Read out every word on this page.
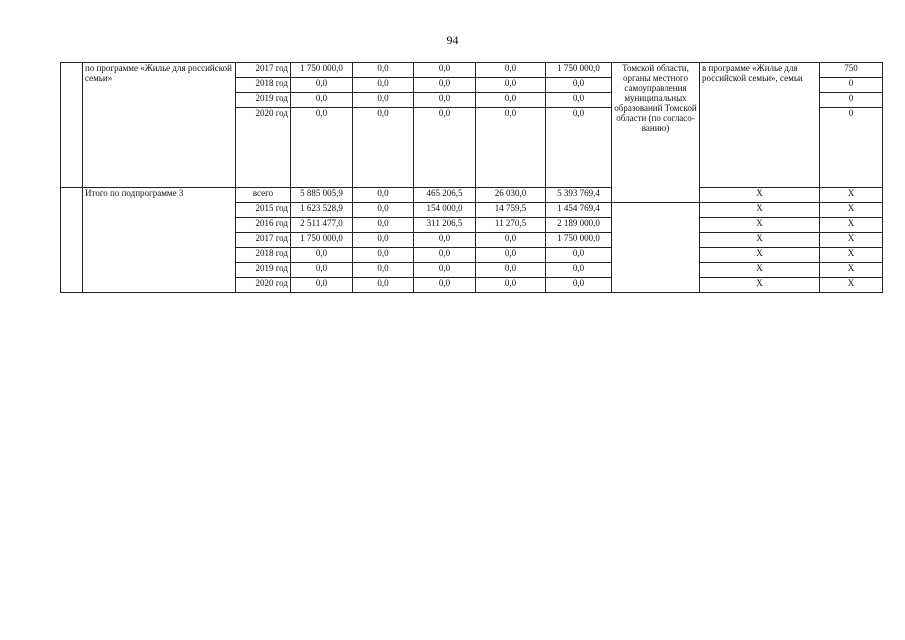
94
	по программе «Жилье для российской семьи»	2017 год	1 750 000,0	0,0	0,0	0,0	1 750 000,0	Томской области, органы местного самоуправления муниципальных образований Томской области (по согласо- ванию)	в программе «Жилье для российской семьи», семьи	750
		2018 год	0,0	0,0	0,0	0,0	0,0			0
		2019 год	0,0	0,0	0,0	0,0	0,0			0
		2020 год	0,0	0,0	0,0	0,0	0,0			0
	Итого по подпрограмме 3	всего	5 885 005,9	0,0	465 206,5	26 030,0	5 393 769,4		X	X
		2015 год	1 623 528,9	0,0	154 000,0	14 759,5	1 454 769,4		X	X
		2016 год	2 511 477,0	0,0	311 206,5	11 270,5	2 189 000,0		X	X
		2017 год	1 750 000,0	0,0	0,0	0,0	1 750 000,0		X	X
		2018 год	0,0	0,0	0,0	0,0	0,0		X	X
		2019 год	0,0	0,0	0,0	0,0	0,0		X	X
		2020 год	0,0	0,0	0,0	0,0	0,0		X	X
